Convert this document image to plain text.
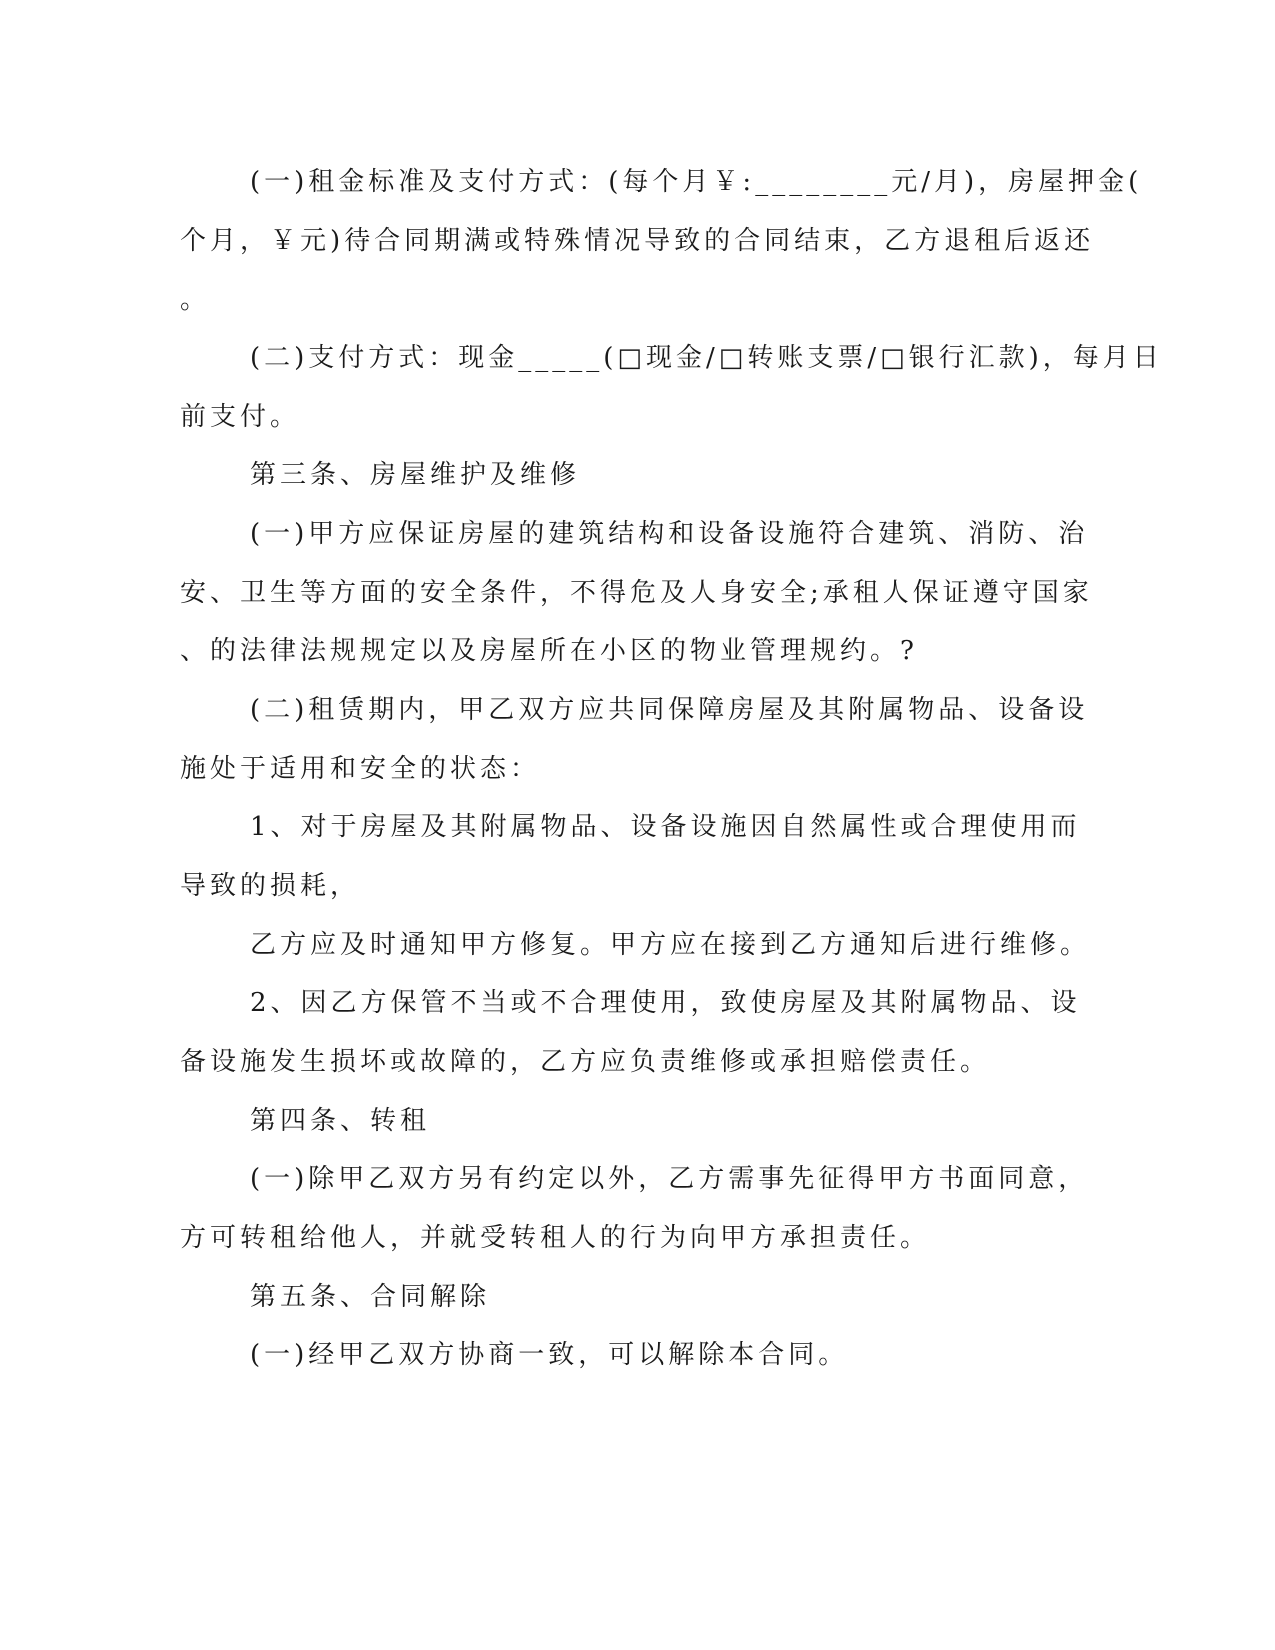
(一)租金标准及支付方式：(每个月￥:________元/月)，房屋押金(
个月，￥元)待合同期满或特殊情况导致的合同结束，乙方退租后返还
。
(二)支付方式：现金_____(□现金/□转账支票/□银行汇款)，每月日
前支付。
第三条、房屋维护及维修
(一)甲方应保证房屋的建筑结构和设备设施符合建筑、消防、治
安、卫生等方面的安全条件，不得危及人身安全;承租人保证遵守国家
、的法律法规规定以及房屋所在小区的物业管理规约。?
(二)租赁期内，甲乙双方应共同保障房屋及其附属物品、设备设
施处于适用和安全的状态：
1、对于房屋及其附属物品、设备设施因自然属性或合理使用而
导致的损耗，
乙方应及时通知甲方修复。甲方应在接到乙方通知后进行维修。
2、因乙方保管不当或不合理使用，致使房屋及其附属物品、设
备设施发生损坏或故障的，乙方应负责维修或承担赔偿责任。
第四条、转租
(一)除甲乙双方另有约定以外，乙方需事先征得甲方书面同意，
方可转租给他人，并就受转租人的行为向甲方承担责任。
第五条、合同解除
(一)经甲乙双方协商一致，可以解除本合同。
